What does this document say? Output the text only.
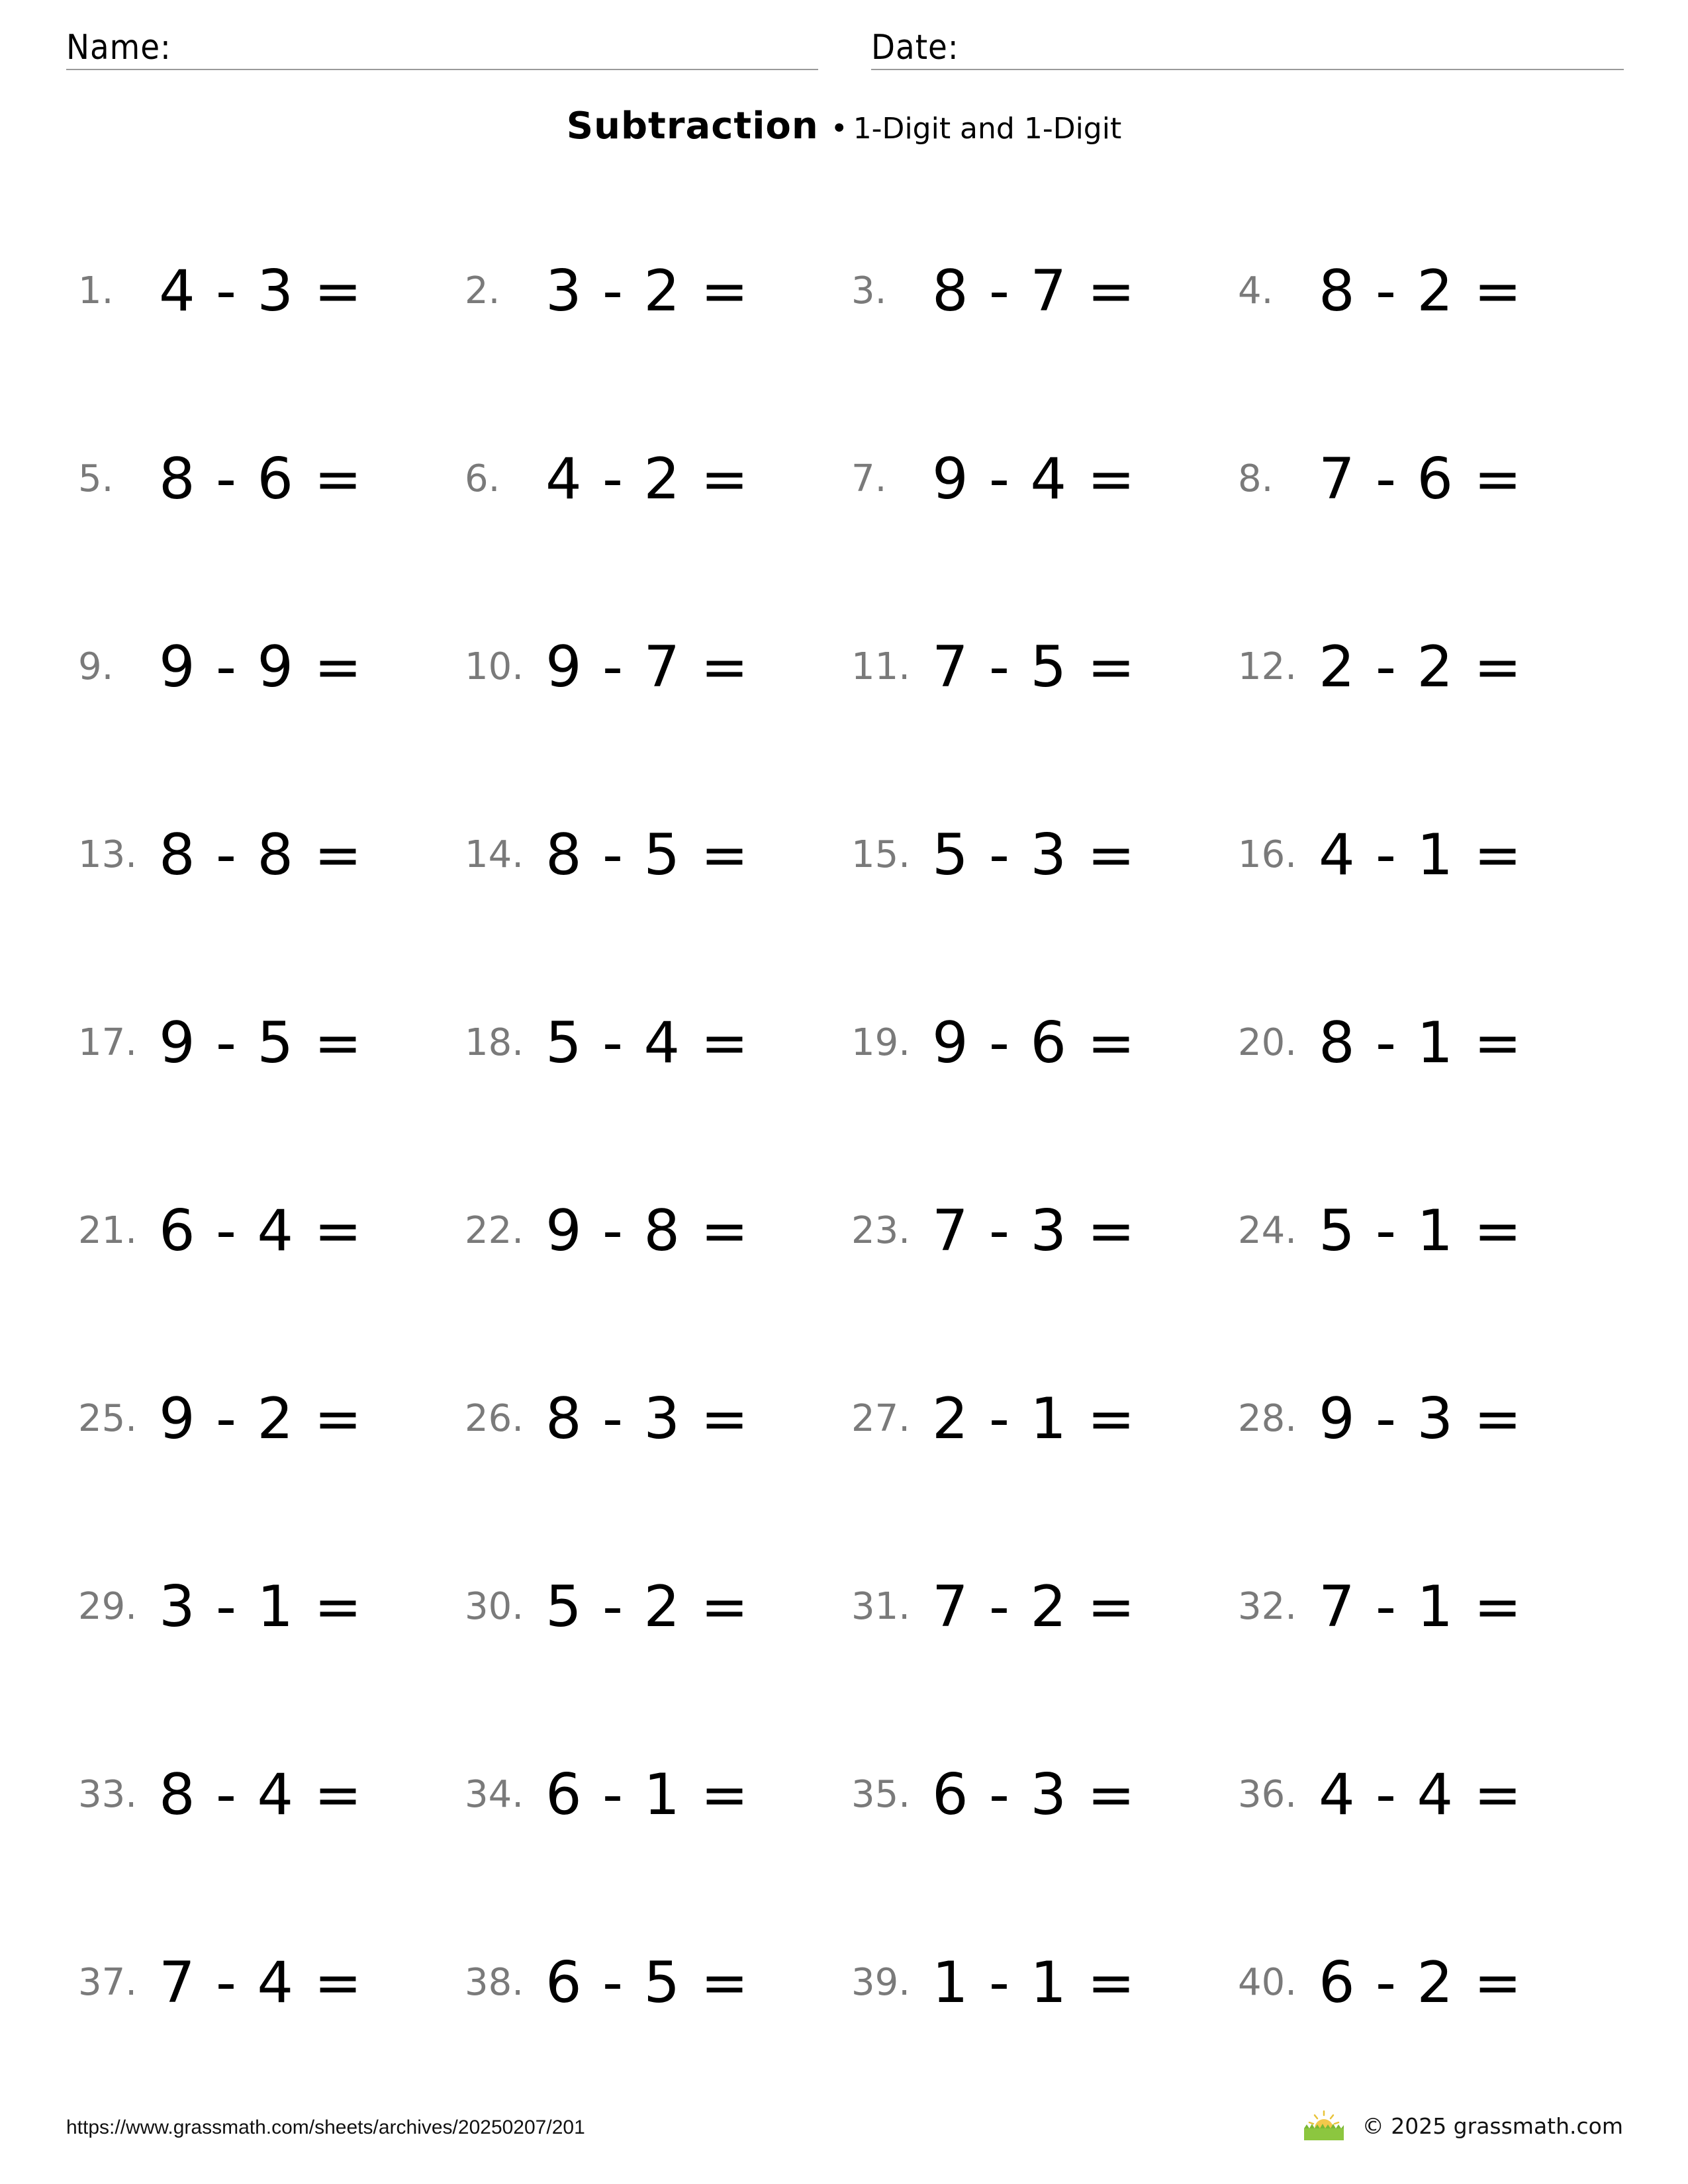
Name:	Date:
Subtraction • 1-Digit and 1-Digit
1. 4 - 3 =	2. 3 - 2 =	3. 8 - 7 =	4. 8 - 2 =
5. 8 - 6 =	6. 4 - 2 =	7. 9 - 4 =	8. 7 - 6 =
9. 9 - 9 =	10. 9 - 7 =	11. 7 - 5 =	12. 2 - 2 =
13. 8 - 8 =	14. 8 - 5 =	15. 5 - 3 =	16. 4 - 1 =
17. 9 - 5 =	18. 5 - 4 =	19. 9 - 6 =	20. 8 - 1 =
21. 6 - 4 =	22. 9 - 8 =	23. 7 - 3 =	24. 5 - 1 =
25. 9 - 2 =	26. 8 - 3 =	27. 2 - 1 =	28. 9 - 3 =
29. 3 - 1 =	30. 5 - 2 =	31. 7 - 2 =	32. 7 - 1 =
33. 8 - 4 =	34. 6 - 1 =	35. 6 - 3 =	36. 4 - 4 =
37. 7 - 4 =	38. 6 - 5 =	39. 1 - 1 =	40. 6 - 2 =
https://www.grassmath.com/sheets/archives/20250207/201	© 2025 grassmath.com
